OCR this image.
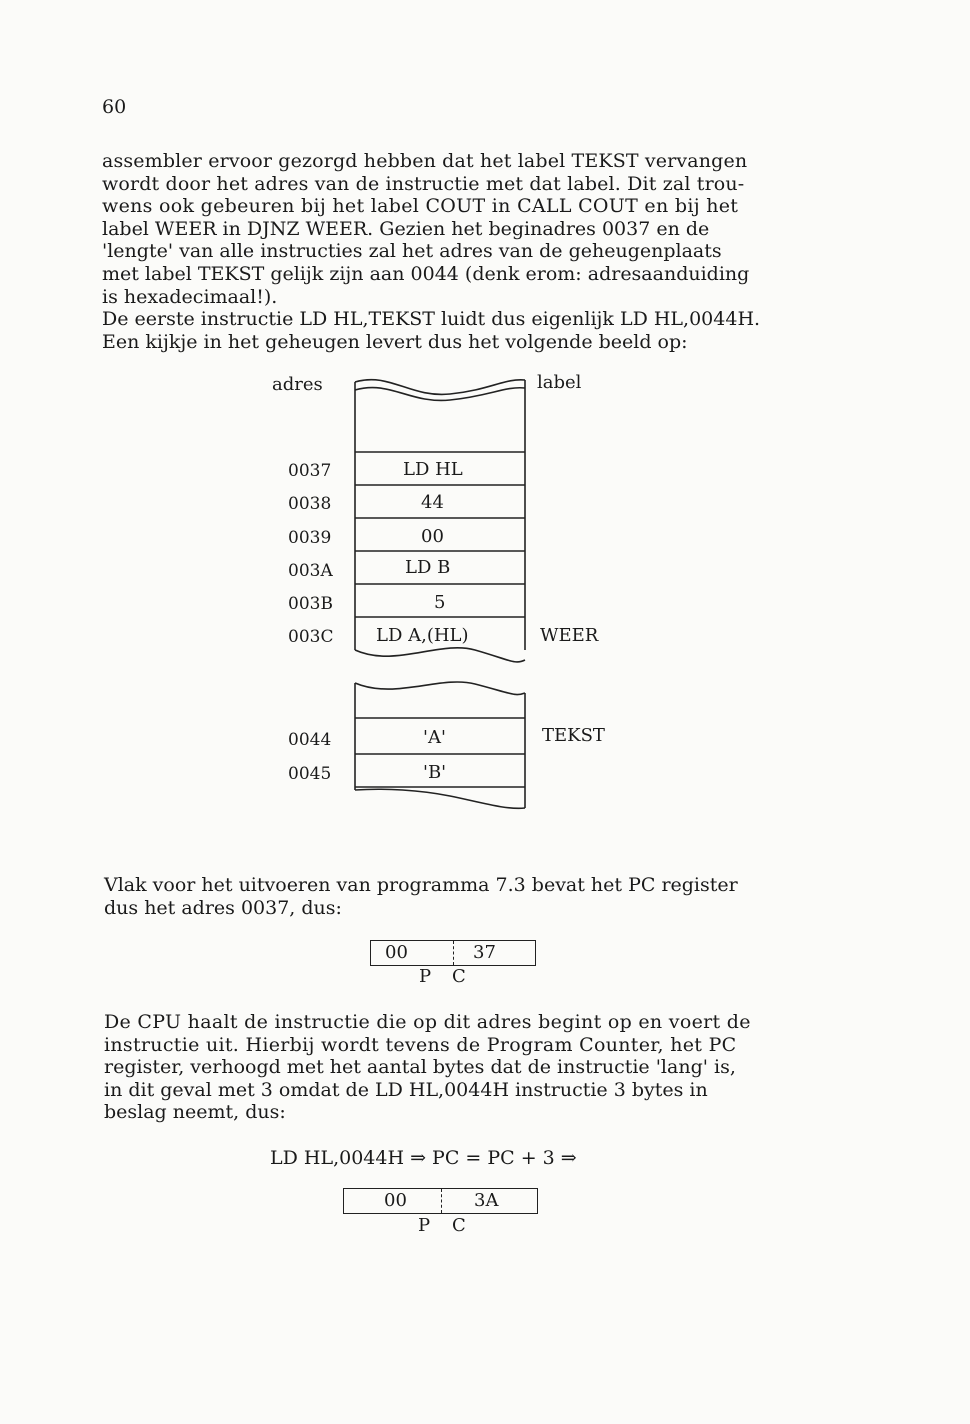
60

assembler ervoor gezorgd hebben dat het label TEKST vervangen
wordt door het adres van de instructie met dat label. Dit zal trou-
wens ook gebeuren bij het label COUT in CALL COUT en bij het
label WEER in DJNZ WEER. Gezien het beginadres 0037 en de
'lengte' van alle instructies zal het adres van de geheugenplaats
met label TEKST gelijk zijn aan 0044 (denk erom: adresaanduiding
is hexadecimaal!).
De eerste instructie LD HL,TEKST luidt dus eigenlijk LD HL,0044H.
Een kijkje in het geheugen levert dus het volgende beeld op:

adres	label
0037	LD HL
0038	44
0039	00
003A	LD B
003B	5
003C LD A,(HL)	WEER
0044	'A'	TEKST
0045	'B'

Vlak voor het uitvoeren van programma 7.3 bevat het PC register
dus het adres 0037, dus:

00	37
P C

De CPU haalt de instructie die op dit adres begint op en voert de
instructie uit. Hierbij wordt tevens de Program Counter, het PC
register, verhoogd met het aantal bytes dat de instructie 'lang' is,
in dit geval met 3 omdat de LD HL,0044H instructie 3 bytes in
beslag neemt, dus:

LD HL,0044H ⇒ PC = PC + 3 ⇒
00	3A
P C
